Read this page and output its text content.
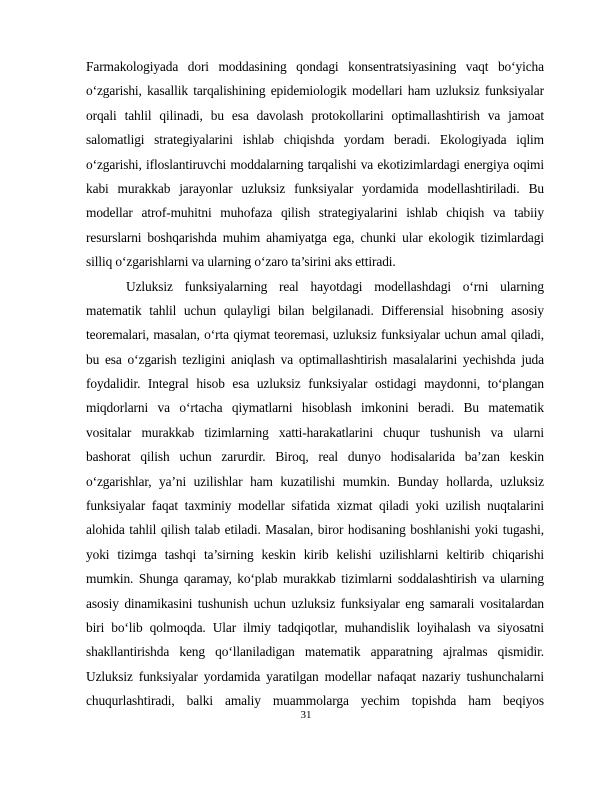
Farmakologiyada dori moddasining qondagi konsentratsiyasining vaqt boʻyicha
oʻzgarishi, kasallik tarqalishining epidemiologik modellari ham uzluksiz funksiyalar
orqali tahlil qilinadi, bu esa davolash protokollarini optimallashtirish va jamoat
salomatligi strategiyalarini ishlab chiqishda yordam beradi. Ekologiyada iqlim
oʻzgarishi, ifloslantiruvchi moddalarning tarqalishi va ekotizimlardagi energiya oqimi
kabi murakkab jarayonlar uzluksiz funksiyalar yordamida modellashtiriladi. Bu
modellar atrof-muhitni muhofaza qilish strategiyalarini ishlab chiqish va tabiiy
resurslarni boshqarishda muhim ahamiyatga ega, chunki ular ekologik tizimlardagi
silliq oʻzgarishlarni va ularning oʻzaro ta’sirini aks ettiradi.
Uzluksiz funksiyalarning real hayotdagi modellashdagi oʻrni ularning
matematik tahlil uchun qulayligi bilan belgilanadi. Differensial hisobning asosiy
teoremalari, masalan, oʻrta qiymat teoremasi, uzluksiz funksiyalar uchun amal qiladi,
bu esa oʻzgarish tezligini aniqlash va optimallashtirish masalalarini yechishda juda
foydalidir. Integral hisob esa uzluksiz funksiyalar ostidagi maydonni, toʻplangan
miqdorlarni va oʻrtacha qiymatlarni hisoblash imkonini beradi. Bu matematik
vositalar murakkab tizimlarning xatti-harakatlarini chuqur tushunish va ularni
bashorat qilish uchun zarurdir. Biroq, real dunyo hodisalarida ba’zan keskin
oʻzgarishlar, ya’ni uzilishlar ham kuzatilishi mumkin. Bunday hollarda, uzluksiz
funksiyalar faqat taxminiy modellar sifatida xizmat qiladi yoki uzilish nuqtalarini
alohida tahlil qilish talab etiladi. Masalan, biror hodisaning boshlanishi yoki tugashi,
yoki tizimga tashqi ta’sirning keskin kirib kelishi uzilishlarni keltirib chiqarishi
mumkin. Shunga qaramay, koʻplab murakkab tizimlarni soddalashtirish va ularning
asosiy dinamikasini tushunish uchun uzluksiz funksiyalar eng samarali vositalardan
biri boʻlib qolmoqda. Ular ilmiy tadqiqotlar, muhandislik loyihalash va siyosatni
shakllantirishda keng qoʻllaniladigan matematik apparatning ajralmas qismidir.
Uzluksiz funksiyalar yordamida yaratilgan modellar nafaqat nazariy tushunchalarni
chuqurlashtiradi, balki amaliy muammolarga yechim topishda ham beqiyos
31
